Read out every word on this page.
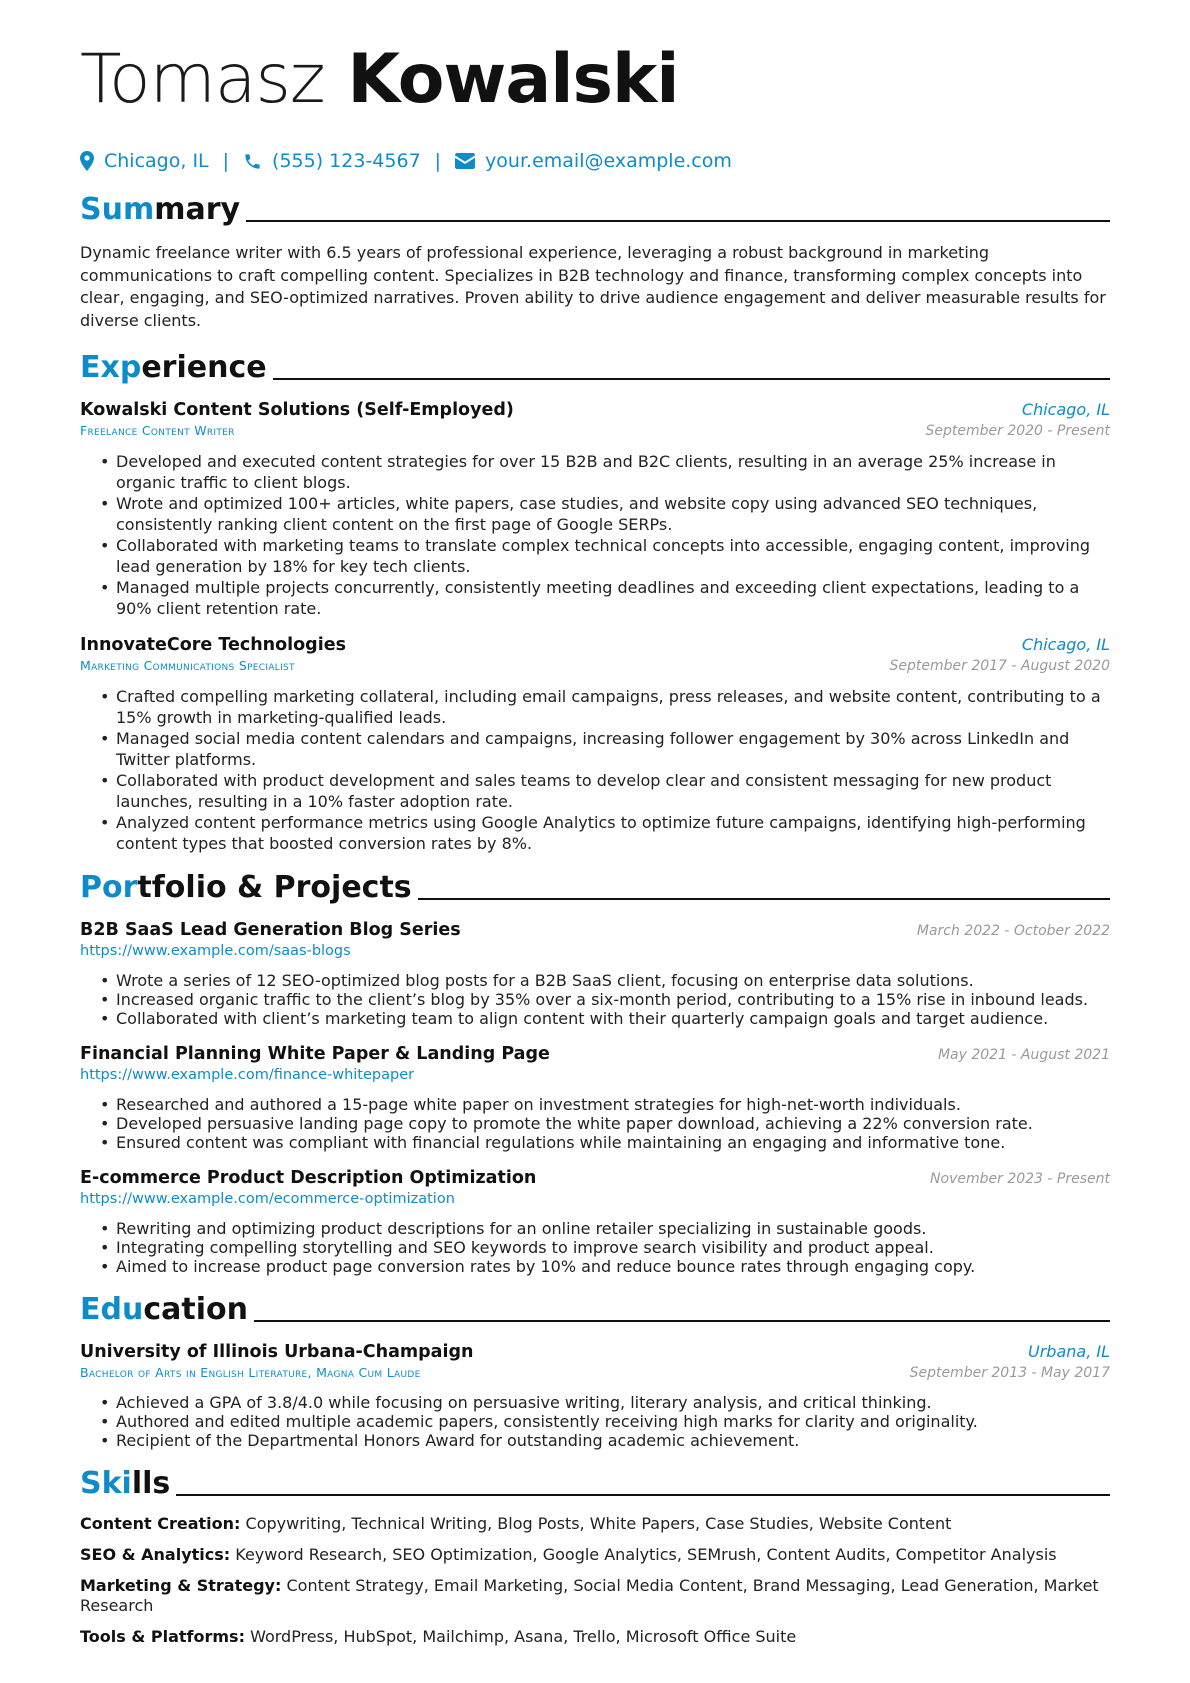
Tomasz Kowalski
Chicago, IL | (555) 123-4567 | your.email@example.com
Summary
Dynamic freelance writer with 6.5 years of professional experience, leveraging a robust background in marketing communications to craft compelling content. Specializes in B2B technology and finance, transforming complex concepts into clear, engaging, and SEO-optimized narratives. Proven ability to drive audience engagement and deliver measurable results for diverse clients.
Experience
Kowalski Content Solutions (Self-Employed)	Chicago, IL
Freelance Content Writer	September 2020 - Present
• Developed and executed content strategies for over 15 B2B and B2C clients, resulting in an average 25% increase in organic traffic to client blogs.
• Wrote and optimized 100+ articles, white papers, case studies, and website copy using advanced SEO techniques, consistently ranking client content on the first page of Google SERPs.
• Collaborated with marketing teams to translate complex technical concepts into accessible, engaging content, improving lead generation by 18% for key tech clients.
• Managed multiple projects concurrently, consistently meeting deadlines and exceeding client expectations, leading to a 90% client retention rate.
InnovateCore Technologies	Chicago, IL
Marketing Communications Specialist	September 2017 - August 2020
• Crafted compelling marketing collateral, including email campaigns, press releases, and website content, contributing to a 15% growth in marketing-qualified leads.
• Managed social media content calendars and campaigns, increasing follower engagement by 30% across LinkedIn and Twitter platforms.
• Collaborated with product development and sales teams to develop clear and consistent messaging for new product launches, resulting in a 10% faster adoption rate.
• Analyzed content performance metrics using Google Analytics to optimize future campaigns, identifying high-performing content types that boosted conversion rates by 8%.
Portfolio & Projects
B2B SaaS Lead Generation Blog Series	March 2022 - October 2022
https://www.example.com/saas-blogs
• Wrote a series of 12 SEO-optimized blog posts for a B2B SaaS client, focusing on enterprise data solutions.
• Increased organic traffic to the client’s blog by 35% over a six-month period, contributing to a 15% rise in inbound leads.
• Collaborated with client’s marketing team to align content with their quarterly campaign goals and target audience.
Financial Planning White Paper & Landing Page	May 2021 - August 2021
https://www.example.com/finance-whitepaper
• Researched and authored a 15-page white paper on investment strategies for high-net-worth individuals.
• Developed persuasive landing page copy to promote the white paper download, achieving a 22% conversion rate.
• Ensured content was compliant with financial regulations while maintaining an engaging and informative tone.
E-commerce Product Description Optimization	November 2023 - Present
https://www.example.com/ecommerce-optimization
• Rewriting and optimizing product descriptions for an online retailer specializing in sustainable goods.
• Integrating compelling storytelling and SEO keywords to improve search visibility and product appeal.
• Aimed to increase product page conversion rates by 10% and reduce bounce rates through engaging copy.
Education
University of Illinois Urbana-Champaign	Urbana, IL
Bachelor of Arts in English Literature, Magna Cum Laude	September 2013 - May 2017
• Achieved a GPA of 3.8/4.0 while focusing on persuasive writing, literary analysis, and critical thinking.
• Authored and edited multiple academic papers, consistently receiving high marks for clarity and originality.
• Recipient of the Departmental Honors Award for outstanding academic achievement.
Skills
Content Creation: Copywriting, Technical Writing, Blog Posts, White Papers, Case Studies, Website Content
SEO & Analytics: Keyword Research, SEO Optimization, Google Analytics, SEMrush, Content Audits, Competitor Analysis
Marketing & Strategy: Content Strategy, Email Marketing, Social Media Content, Brand Messaging, Lead Generation, Market Research
Tools & Platforms: WordPress, HubSpot, Mailchimp, Asana, Trello, Microsoft Office Suite
